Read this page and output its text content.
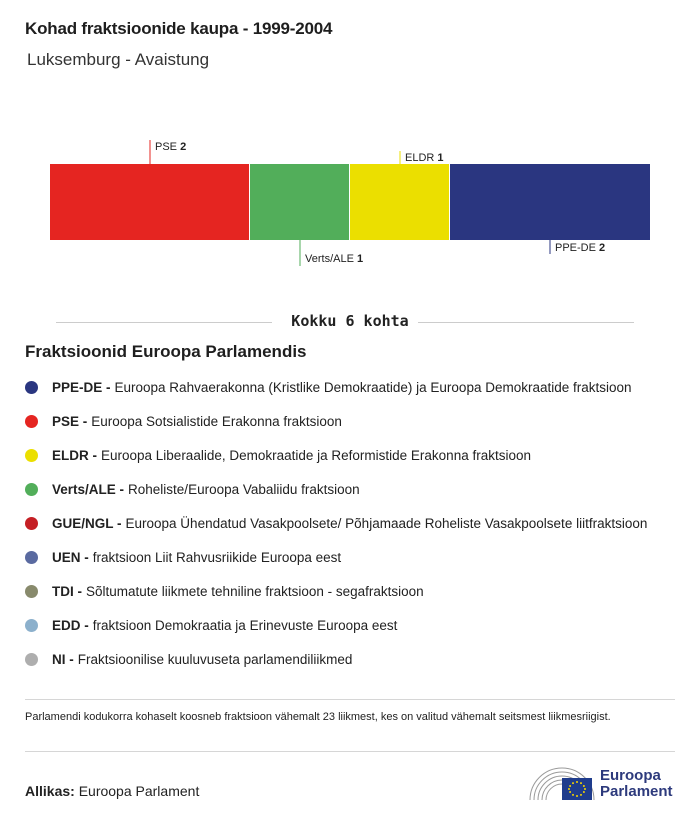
Kohad fraktsioonide kaupa - 1999-2004
Luksemburg - Avaistung
PSE 2
Verts/ALE 1
ELDR 1
PPE-DE 2
Kokku 6 kohta
Fraktsioonid Euroopa Parlamendis
PPE-DE - Euroopa Rahvaerakonna (Kristlike Demokraatide) ja Euroopa Demokraatide fraktsioon
PSE - Euroopa Sotsialistide Erakonna fraktsioon
ELDR - Euroopa Liberaalide, Demokraatide ja Reformistide Erakonna fraktsioon
Verts/ALE - Roheliste/Euroopa Vabaliidu fraktsioon
GUE/NGL - Euroopa Ühendatud Vasakpoolsete/ Põhjamaade Roheliste Vasakpoolsete liitfraktsioon
UEN - fraktsioon Liit Rahvusriikide Euroopa eest
TDI - Sõltumatute liikmete tehniline fraktsioon - segafraktsioon
EDD - fraktsioon Demokraatia ja Erinevuste Euroopa eest
NI - Fraktsioonilise kuuluvuseta parlamendiliikmed
Parlamendi kodukorra kohaselt koosneb fraktsioon vähemalt 23 liikmest, kes on valitud vähemalt seitsmest liikmesriigist.
Allikas: Euroopa Parlament
Euroopa
Parlament
